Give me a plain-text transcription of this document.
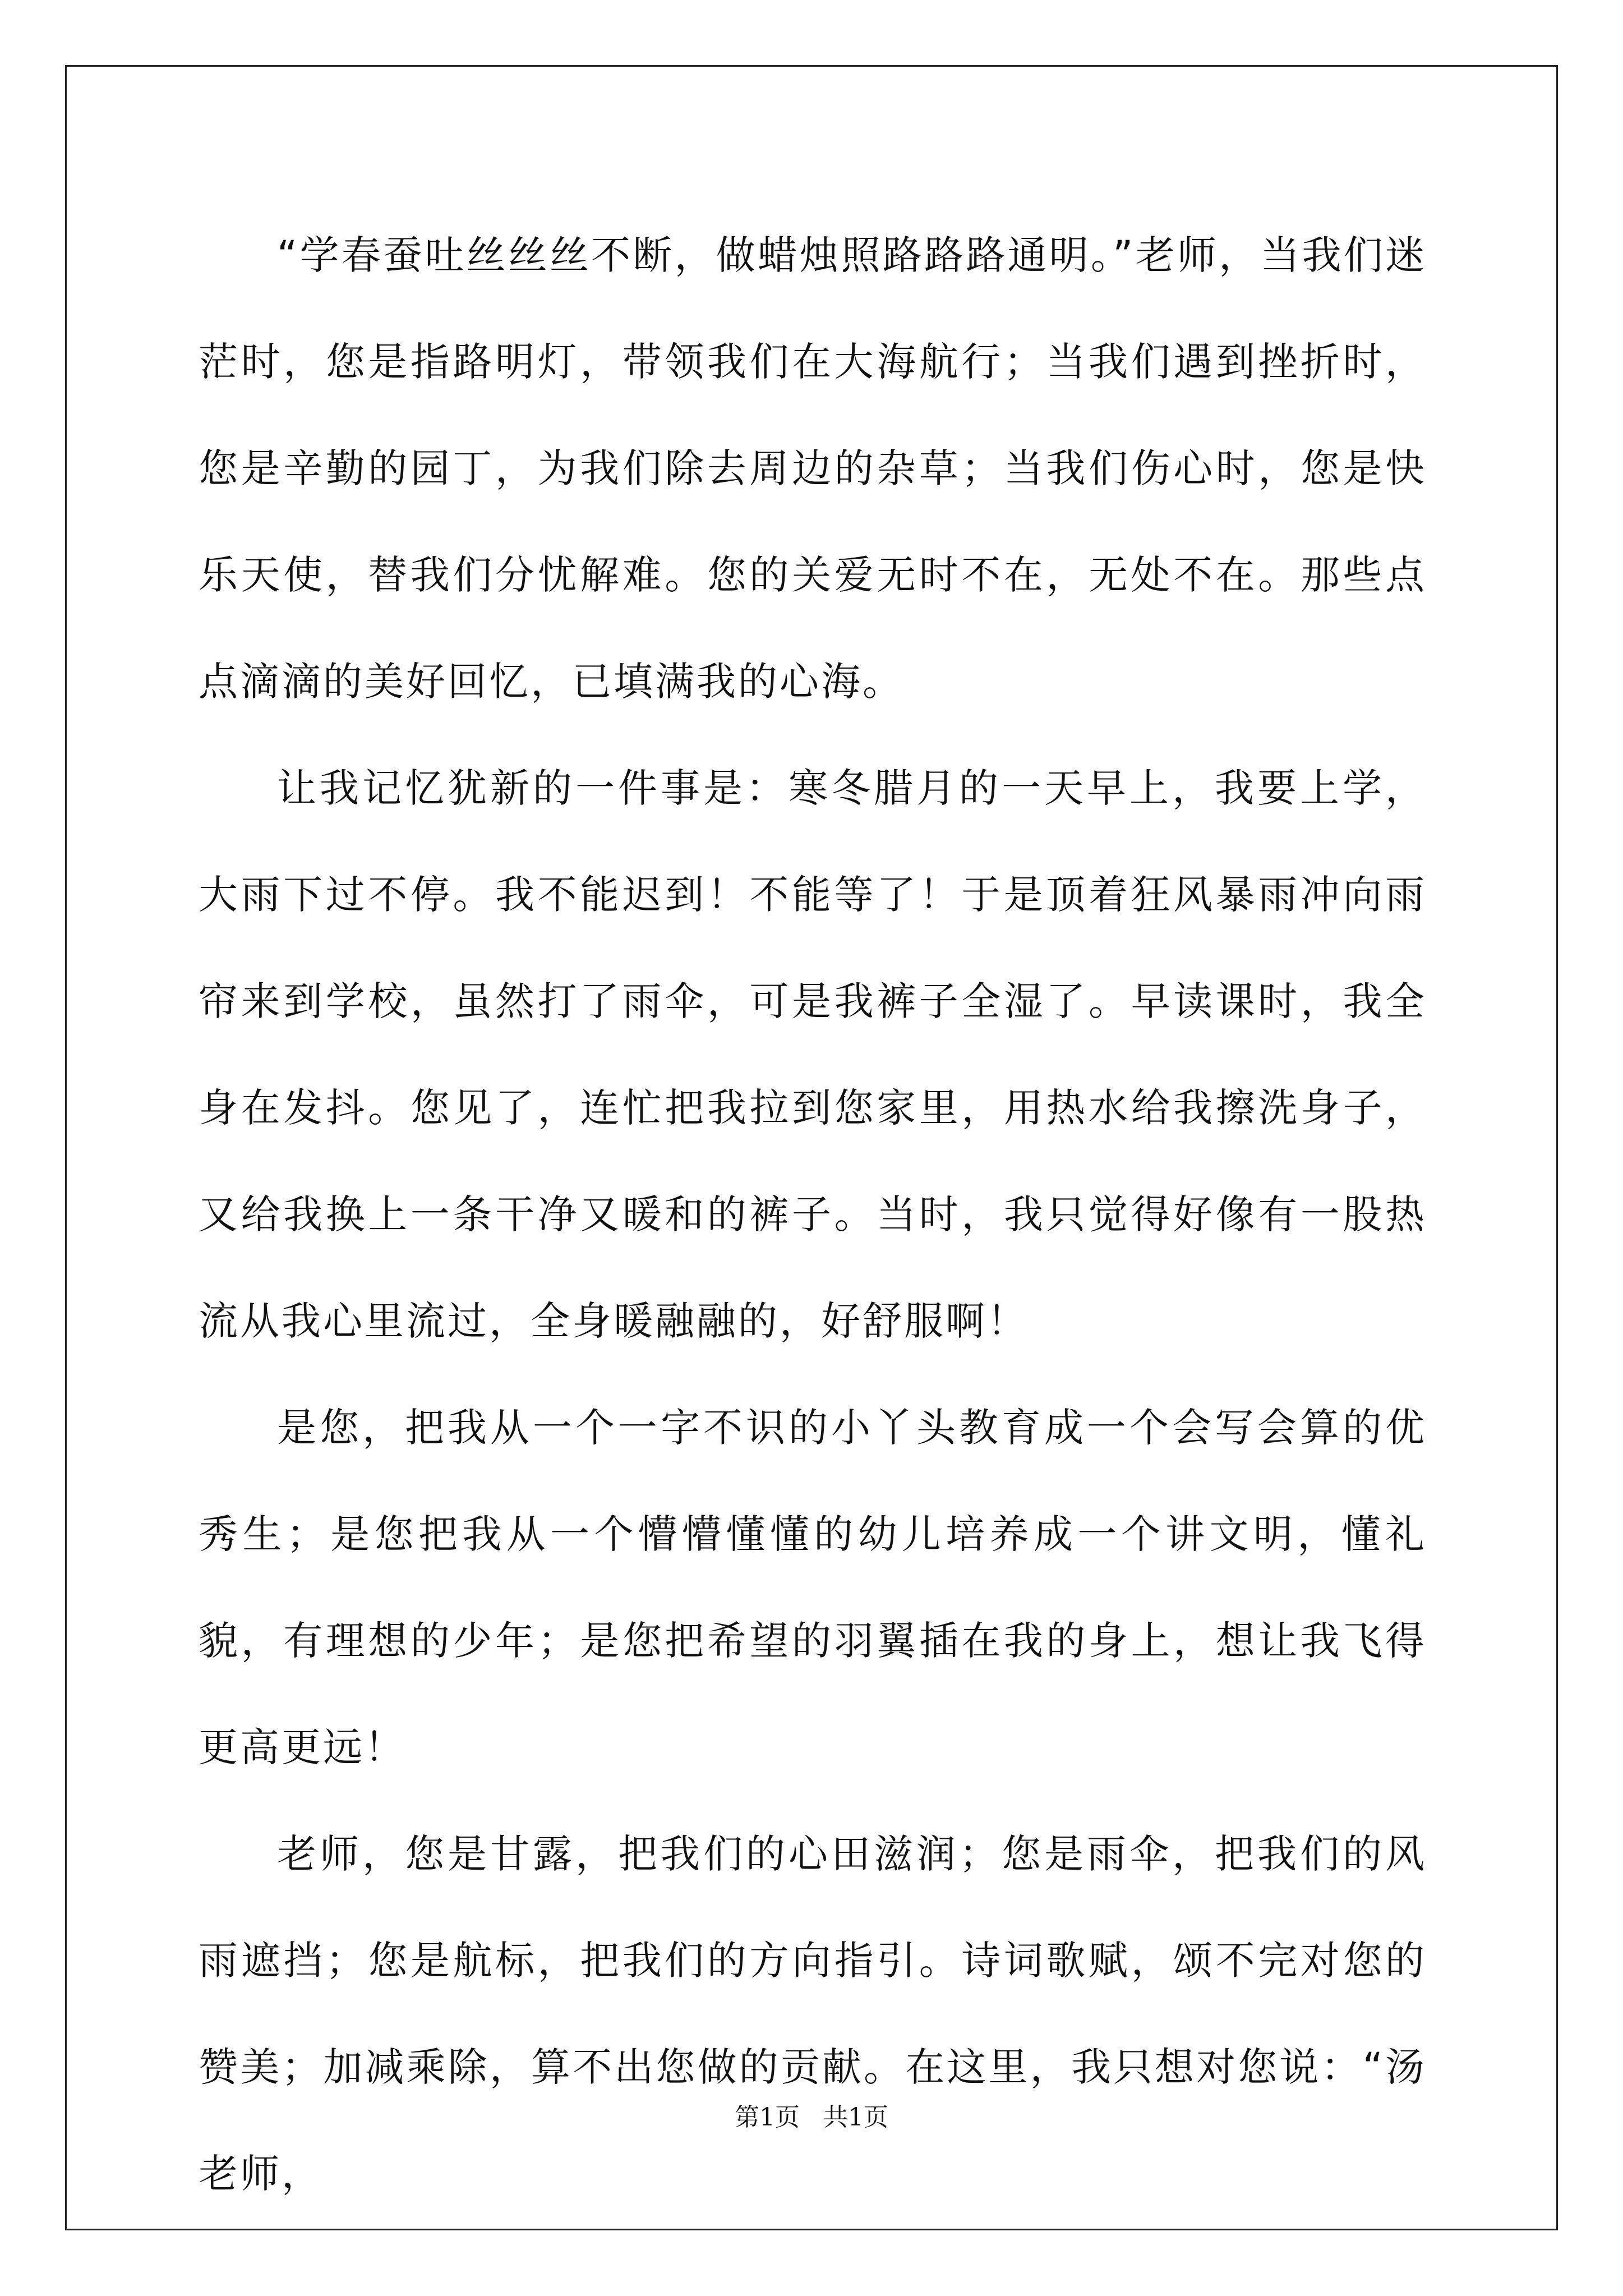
“学春蚕吐丝丝丝不断，做蜡烛照路路路通明。”老师，当我们迷茫时，您是指路明灯，带领我们在大海航行；当我们遇到挫折时，您是辛勤的园丁，为我们除去周边的杂草；当我们伤心时，您是快乐天使，替我们分忧解难。您的关爱无时不在，无处不在。那些点点滴滴的美好回忆，已填满我的心海。

让我记忆犹新的一件事是：寒冬腊月的一天早上，我要上学，大雨下过不停。我不能迟到！不能等了！于是顶着狂风暴雨冲向雨帘来到学校，虽然打了雨伞，可是我裤子全湿了。早读课时，我全身在发抖。您见了，连忙把我拉到您家里，用热水给我擦洗身子，又给我换上一条干净又暖和的裤子。当时，我只觉得好像有一股热流从我心里流过，全身暖融融的，好舒服啊！

是您，把我从一个一字不识的小丫头教育成一个会写会算的优秀生；是您把我从一个懵懵懂懂的幼儿培养成一个讲文明，懂礼貌，有理想的少年；是您把希望的羽翼插在我的身上，想让我飞得更高更远！

老师，您是甘露，把我们的心田滋润；您是雨伞，把我们的风雨遮挡；您是航标，把我们的方向指引。诗词歌赋，颂不完对您的赞美；加减乘除，算不出您做的贡献。在这里，我只想对您说：“汤老师，

第1页   共1页
